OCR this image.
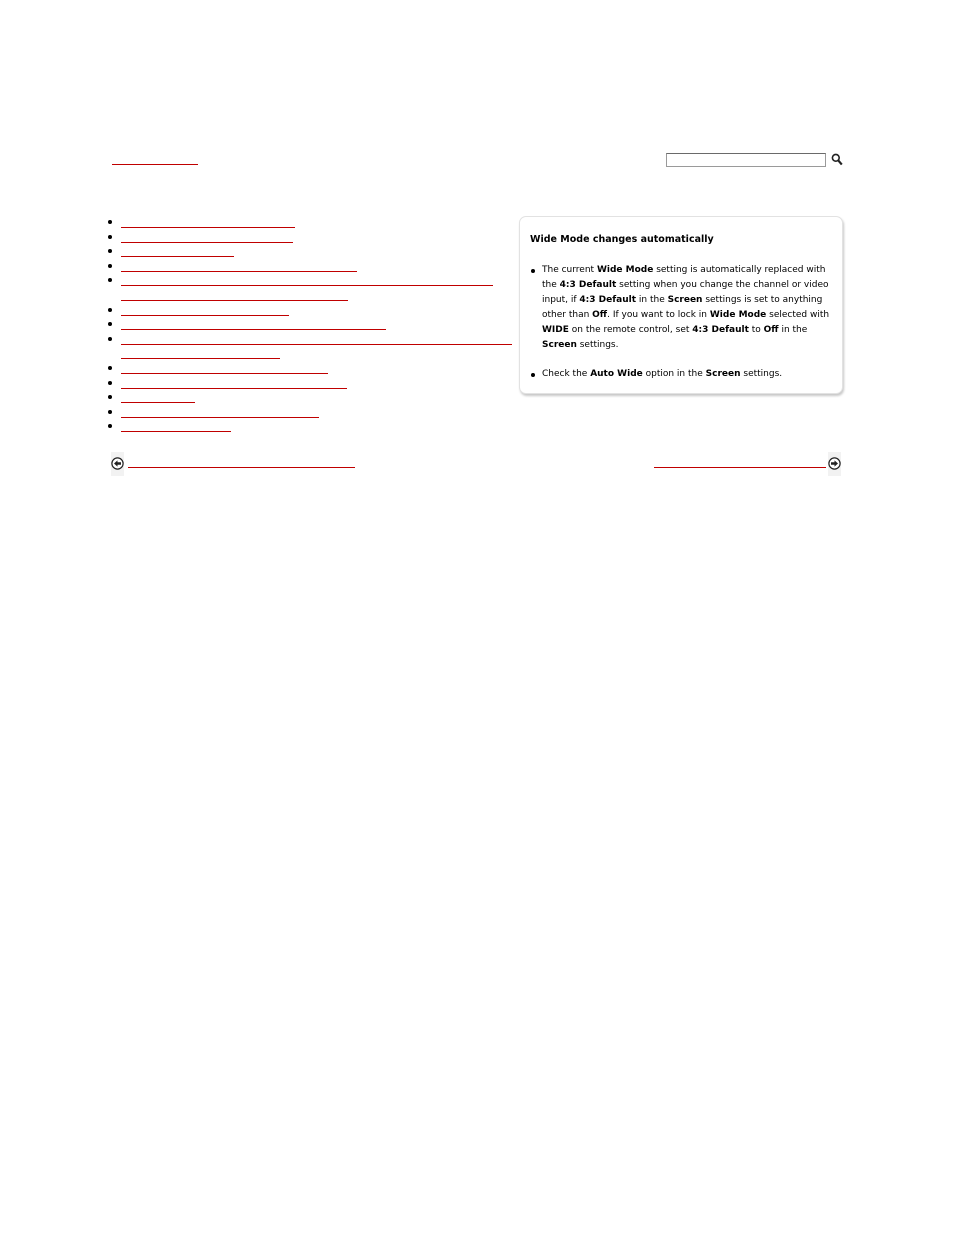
Wide Mode changes automatically
The current Wide Mode setting is automatically replaced with the 4:3 Default setting when you change the channel or video input, if 4:3 Default in the Screen settings is set to anything other than Off. If you want to lock in Wide Mode selected with WIDE on the remote control, set 4:3 Default to Off in the Screen settings.
Check the Auto Wide option in the Screen settings.
